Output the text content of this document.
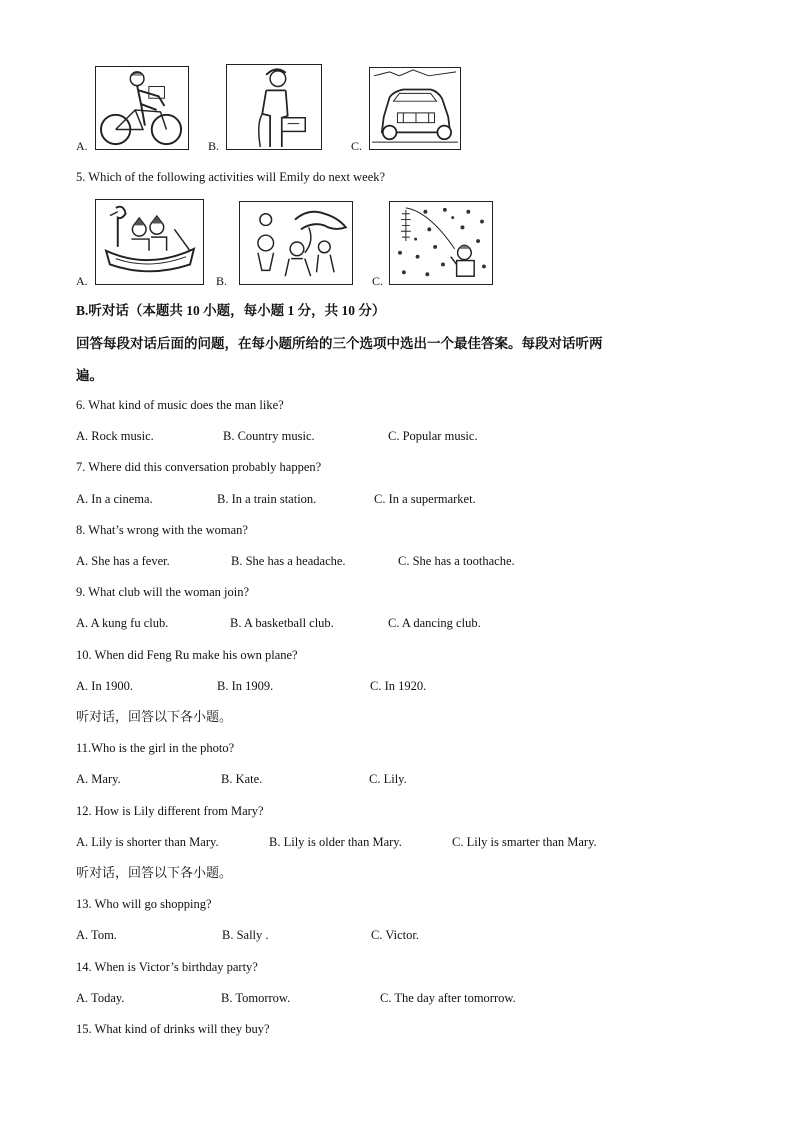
A.	B.	C.
5. Which of the following activities will Emily do next week?
A.	B.	C.
B.听对话（本题共 10 小题，每小题 1 分，共 10 分）
回答每段对话后面的问题，在每小题所给的三个选项中选出一个最佳答案。每段对话听两
遍。
6. What kind of music does the man like?
A. Rock music.	B. Country music.	C. Popular music.
7. Where did this conversation probably happen?
A. In a cinema.	B. In a train station.	C. In a supermarket.
8. What’s wrong with the woman?
A. She has a fever.	B. She has a headache.	C. She has a toothache.
9. What club will the woman join?
A. A kung fu club.	B. A basketball club.	C. A dancing club.
10. When did Feng Ru make his own plane?
A. In 1900.	B. In 1909.	C. In 1920.
听对话，回答以下各小题。
11.Who is the girl in the photo?
A. Mary.	B. Kate.	C. Lily.
12. How is Lily different from Mary?
A. Lily is shorter than Mary.	B. Lily is older than Mary.	C. Lily is smarter than Mary.
听对话，回答以下各小题。
13. Who will go shopping?
A. Tom.	B. Sally .	C. Victor.
14. When is Victor’s birthday party?
A. Today.	B. Tomorrow.	C. The day after tomorrow.
15. What kind of drinks will they buy?
